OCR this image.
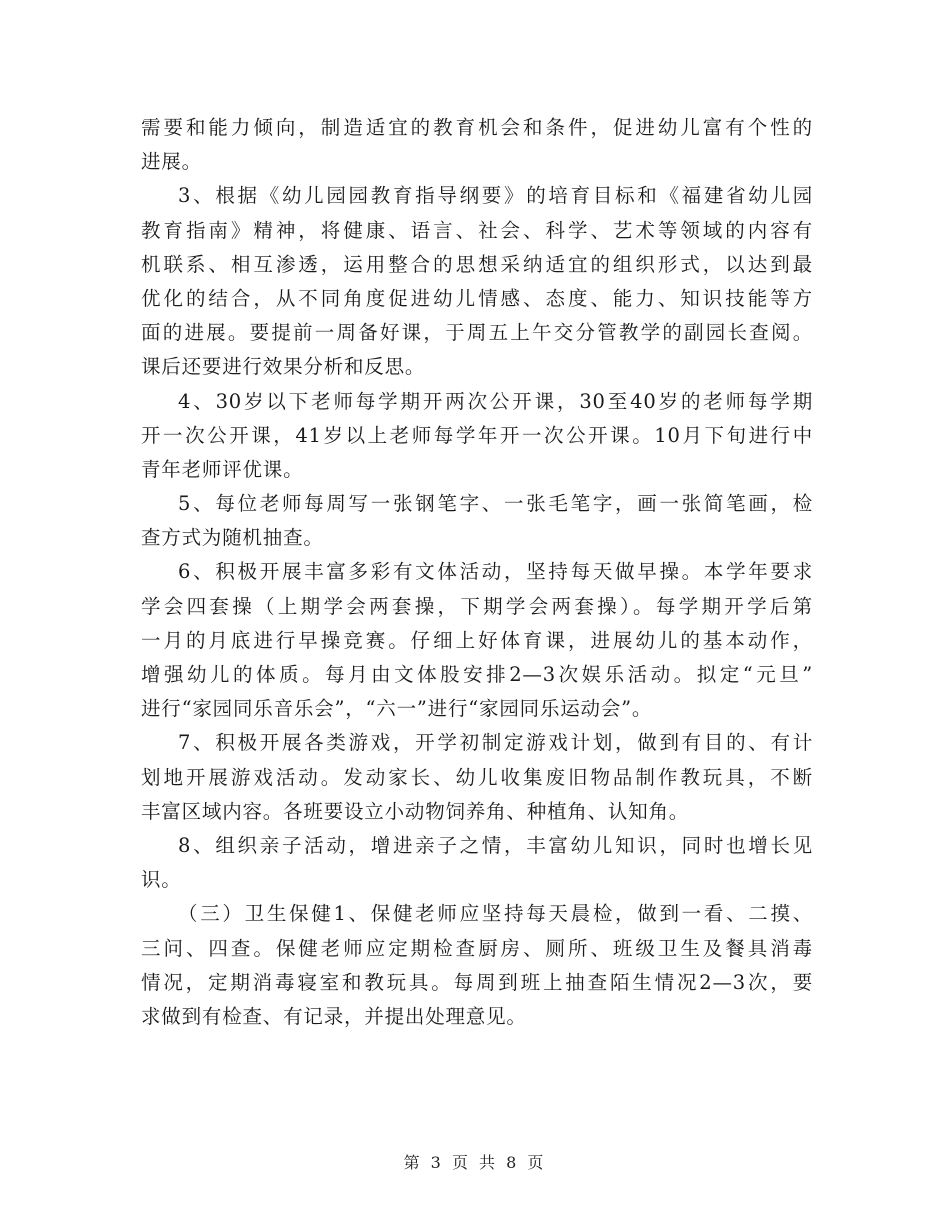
需要和能力倾向，制造适宜的教育机会和条件，促进幼儿富有个性的
进展。
3、根据《幼儿园园教育指导纲要》的培育目标和《福建省幼儿园
教育指南》精神，将健康、语言、社会、科学、艺术等领域的内容有
机联系、相互渗透，运用整合的思想采纳适宜的组织形式，以达到最
优化的结合，从不同角度促进幼儿情感、态度、能力、知识技能等方
面的进展。要提前一周备好课，于周五上午交分管教学的副园长查阅。
课后还要进行效果分析和反思。
4、30岁以下老师每学期开两次公开课，30至40岁的老师每学期
开一次公开课，41岁以上老师每学年开一次公开课。10月下旬进行中
青年老师评优课。
5、每位老师每周写一张钢笔字、一张毛笔字，画一张简笔画，检
查方式为随机抽查。
6、积极开展丰富多彩有文体活动，坚持每天做早操。本学年要求
学会四套操（上期学会两套操，下期学会两套操）。每学期开学后第
一月的月底进行早操竞赛。仔细上好体育课，进展幼儿的基本动作，
增强幼儿的体质。每月由文体股安排2—3次娱乐活动。拟定“元旦”
进行“家园同乐音乐会”，“六一”进行“家园同乐运动会”。
7、积极开展各类游戏，开学初制定游戏计划，做到有目的、有计
划地开展游戏活动。发动家长、幼儿收集废旧物品制作教玩具，不断
丰富区域内容。各班要设立小动物饲养角、种植角、认知角。
8、组织亲子活动，增进亲子之情，丰富幼儿知识，同时也增长见
识。
（三）卫生保健1、保健老师应坚持每天晨检，做到一看、二摸、
三问、四查。保健老师应定期检查厨房、厕所、班级卫生及餐具消毒
情况，定期消毒寝室和教玩具。每周到班上抽查陌生情况2—3次，要
求做到有检查、有记录，并提出处理意见。
第 3 页 共 8 页
